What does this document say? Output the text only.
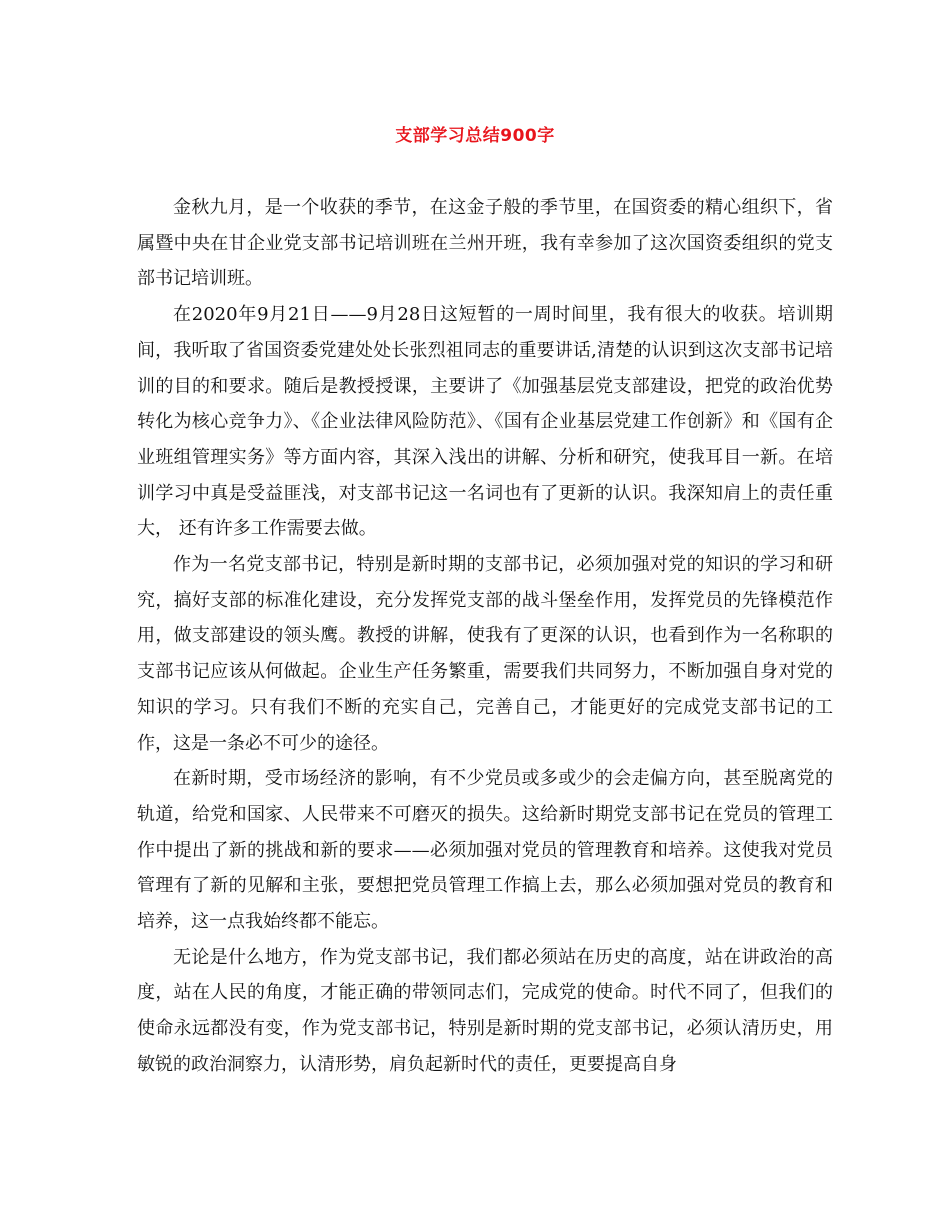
支部学习总结900字

金秋九月，是一个收获的季节，在这金子般的季节里，在国资委的精心组织下，省属暨中央在甘企业党支部书记培训班在兰州开班，我有幸参加了这次国资委组织的党支部书记培训班。

在2020年9月21日——9月28日这短暂的一周时间里，我有很大的收获。培训期间，我听取了省国资委党建处处长张烈祖同志的重要讲话,清楚的认识到这次支部书记培训的目的和要求。随后是教授授课，主要讲了《加强基层党支部建设，把党的政治优势转化为核心竞争力》、《企业法律风险防范》、《国有企业基层党建工作创新》和《国有企业班组管理实务》等方面内容，其深入浅出的讲解、分析和研究，使我耳目一新。在培训学习中真是受益匪浅，对支部书记这一名词也有了更新的认识。我深知肩上的责任重大， 还有许多工作需要去做。

作为一名党支部书记，特别是新时期的支部书记，必须加强对党的知识的学习和研究，搞好支部的标准化建设，充分发挥党支部的战斗堡垒作用，发挥党员的先锋模范作用，做支部建设的领头鹰。教授的讲解，使我有了更深的认识，也看到作为一名称职的支部书记应该从何做起。企业生产任务繁重，需要我们共同努力，不断加强自身对党的知识的学习。只有我们不断的充实自己，完善自己，才能更好的完成党支部书记的工作，这是一条必不可少的途径。

在新时期，受市场经济的影响，有不少党员或多或少的会走偏方向，甚至脱离党的轨道，给党和国家、人民带来不可磨灭的损失。这给新时期党支部书记在党员的管理工作中提出了新的挑战和新的要求——必须加强对党员的管理教育和培养。这使我对党员管理有了新的见解和主张，要想把党员管理工作搞上去，那么必须加强对党员的教育和培养，这一点我始终都不能忘。

无论是什么地方，作为党支部书记，我们都必须站在历史的高度，站在讲政治的高度，站在人民的角度，才能正确的带领同志们，完成党的使命。时代不同了，但我们的使命永远都没有变，作为党支部书记，特别是新时期的党支部书记，必须认清历史，用敏锐的政治洞察力，认清形势，肩负起新时代的责任，更要提高自身
